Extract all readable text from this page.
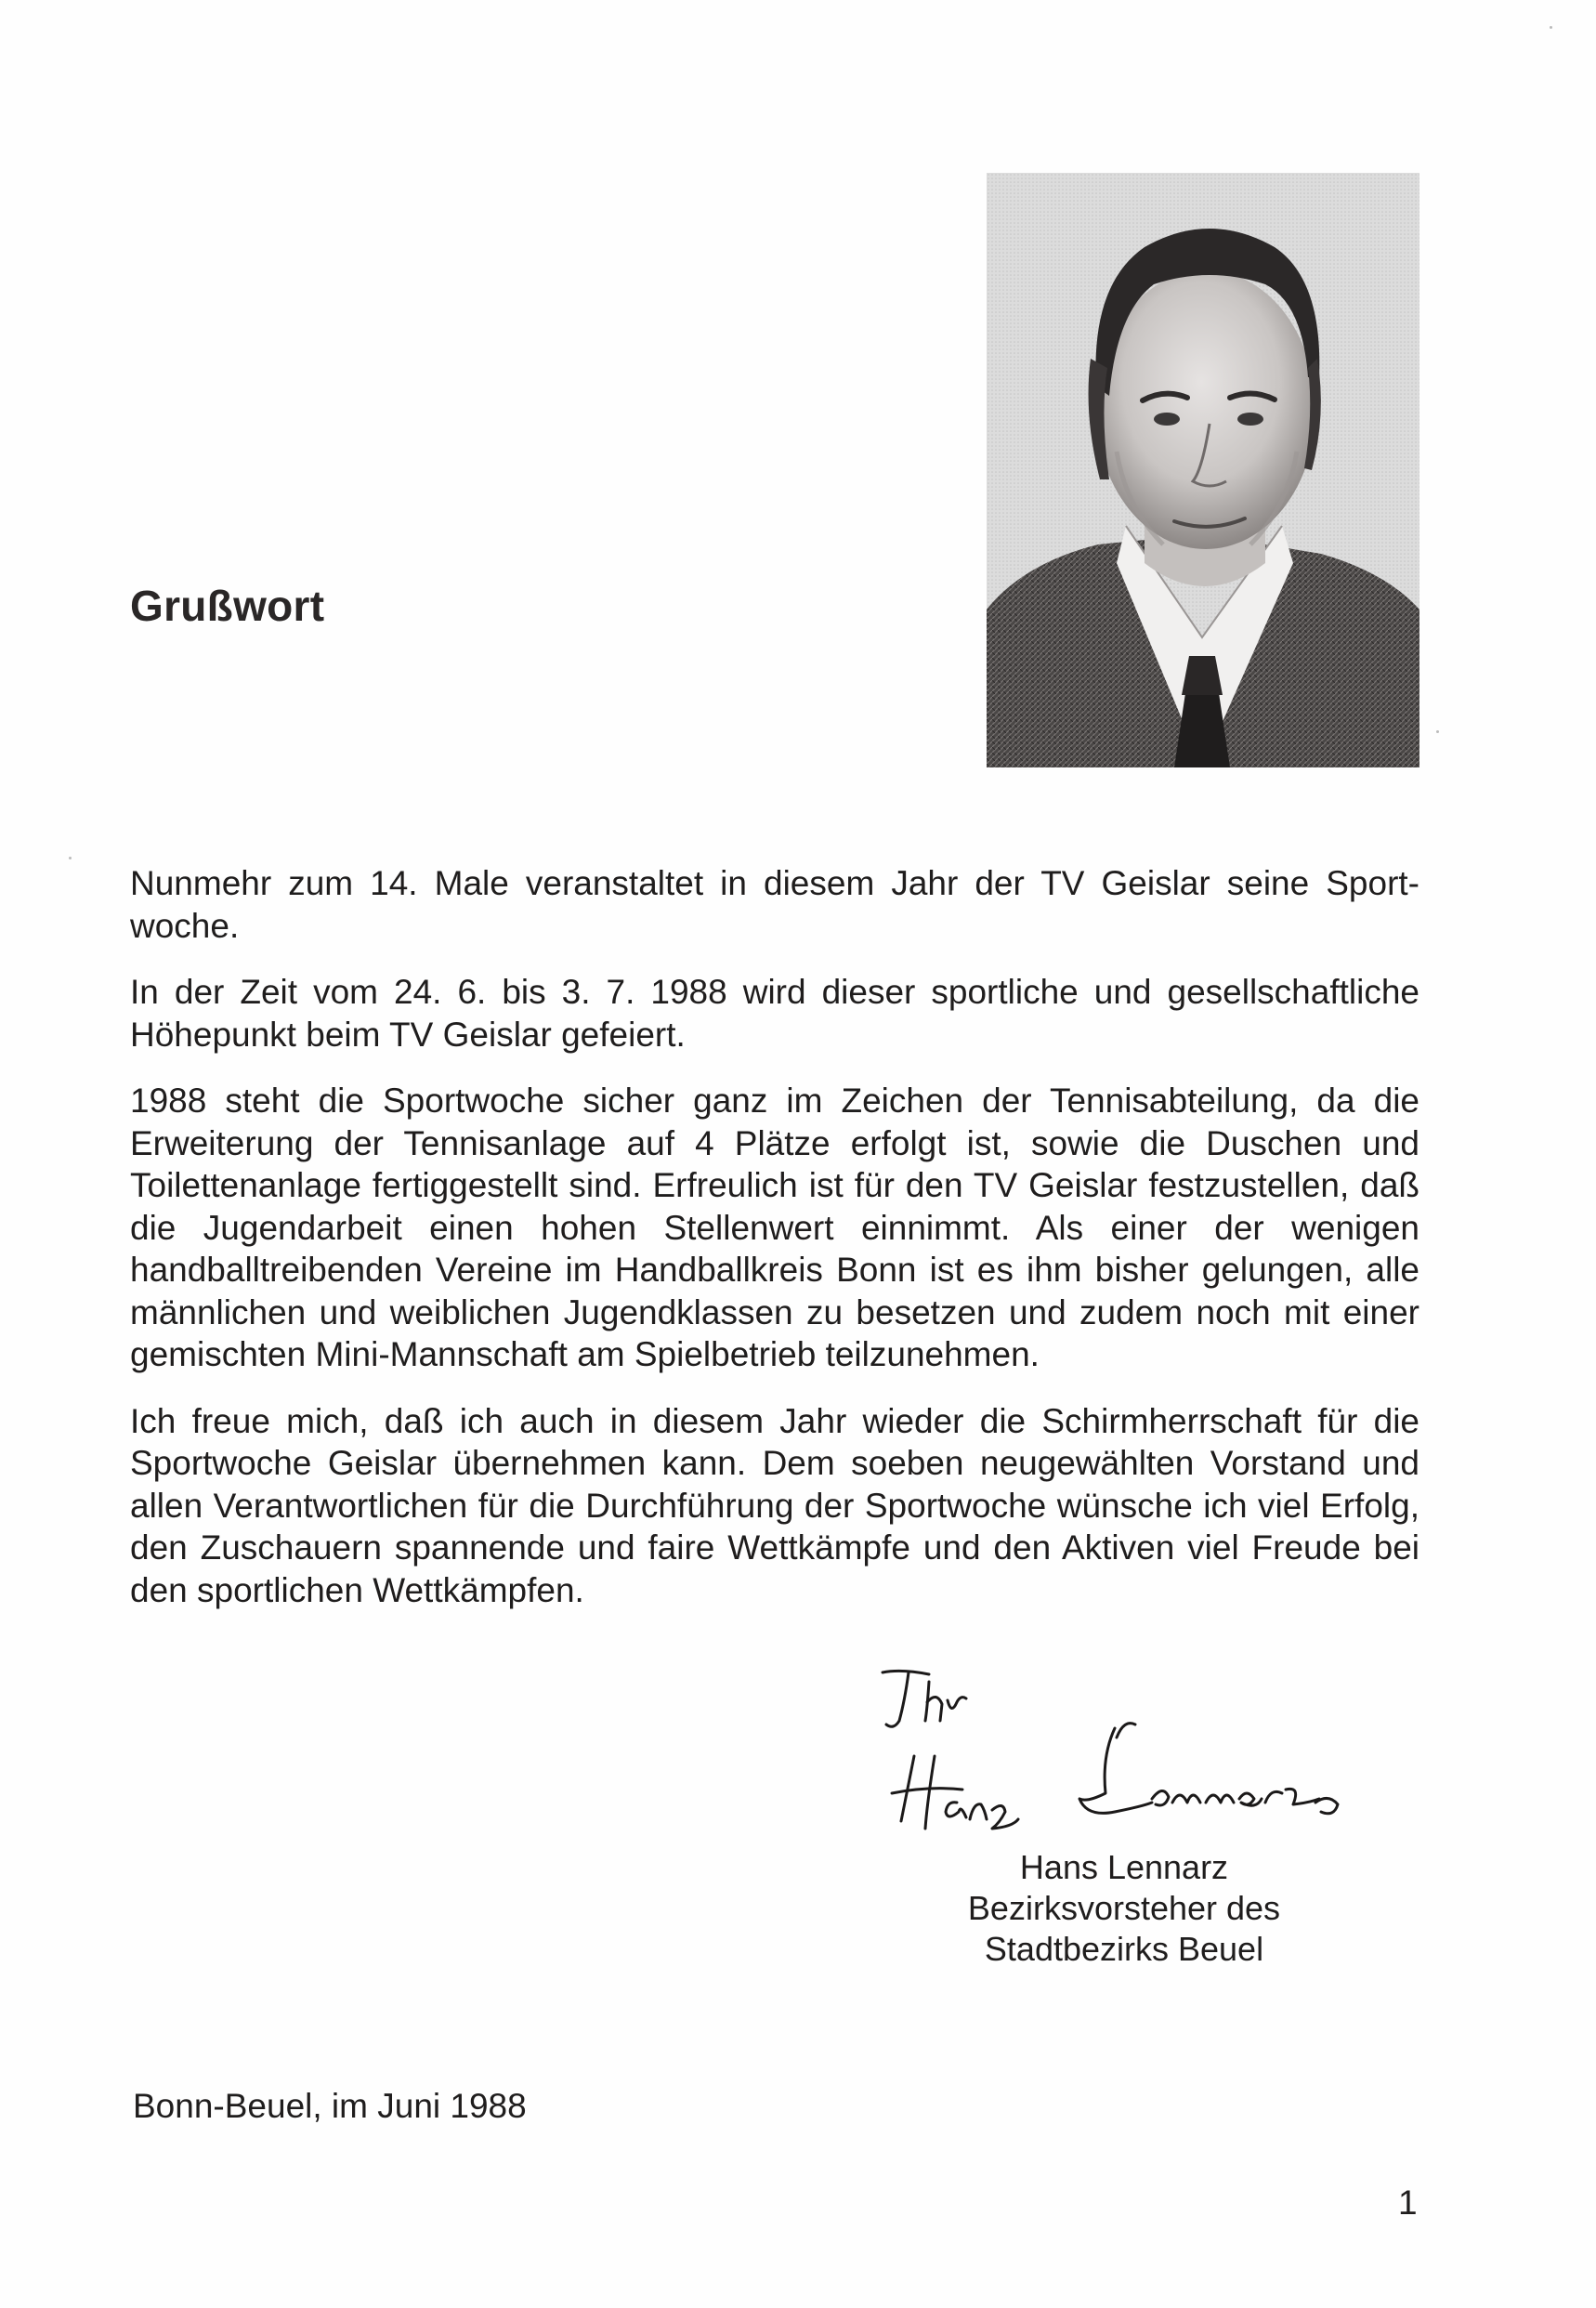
Grußwort

Nunmehr zum 14. Male veranstaltet in diesem Jahr der TV Geislar seine Sport-woche.

In der Zeit vom 24. 6. bis 3. 7. 1988 wird dieser sportliche und gesellschaftliche Höhepunkt beim TV Geislar gefeiert.

1988 steht die Sportwoche sicher ganz im Zeichen der Tennisabteilung, da die Erweiterung der Tennisanlage auf 4 Plätze erfolgt ist, sowie die Duschen und Toilettenanlage fertiggestellt sind. Erfreulich ist für den TV Geislar festzustellen, daß die Jugendarbeit einen hohen Stellenwert einnimmt. Als einer der wenigen handballtreibenden Vereine im Handballkreis Bonn ist es ihm bisher gelungen, alle männlichen und weiblichen Jugendklassen zu besetzen und zudem noch mit einer gemischten Mini-Mannschaft am Spielbetrieb teilzunehmen.

Ich freue mich, daß ich auch in diesem Jahr wieder die Schirmherrschaft für die Sportwoche Geislar übernehmen kann. Dem soeben neugewählten Vorstand und allen Verantwortlichen für die Durchführung der Sportwoche wünsche ich viel Erfolg, den Zuschauern spannende und faire Wettkämpfe und den Aktiven viel Freude bei den sportlichen Wettkämpfen.

Hans Lennarz
Bezirksvorsteher des
Stadtbezirks Beuel
Bonn-Beuel, im Juni 1988
1
